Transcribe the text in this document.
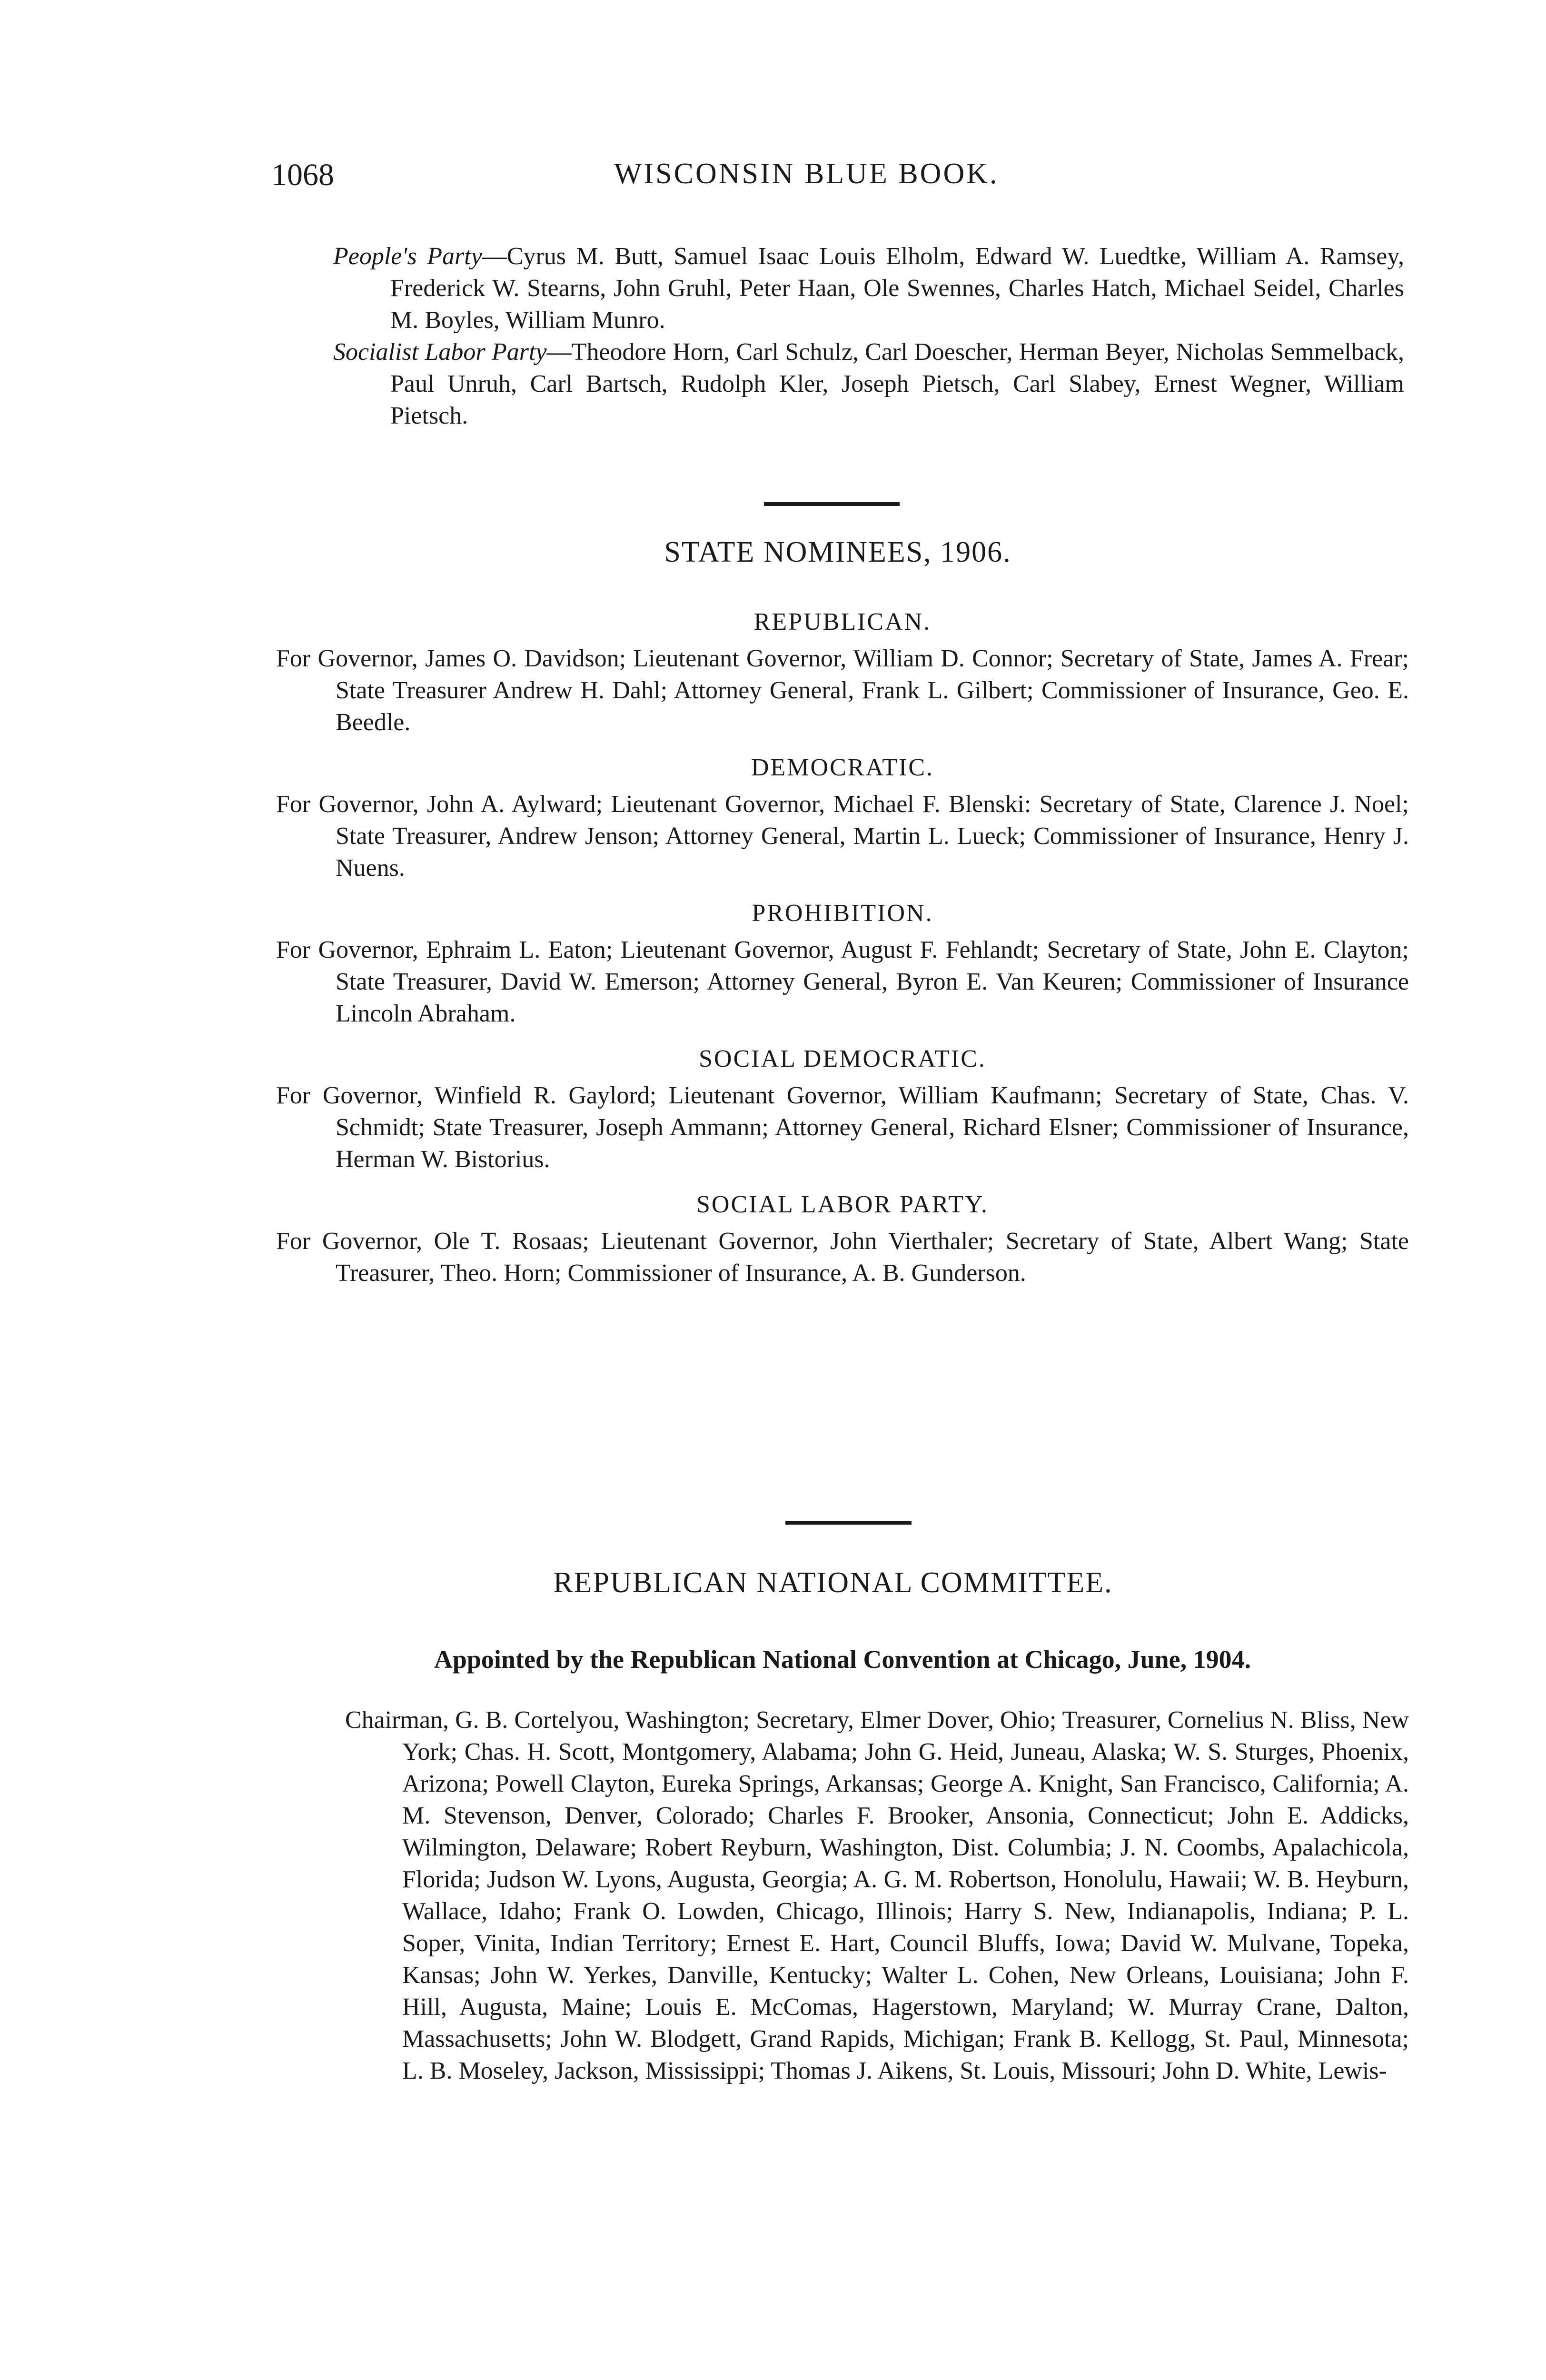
1068	WISCONSIN BLUE BOOK.

People's Party—Cyrus M. Butt, Samuel Isaac Louis Elholm, Edward W. Luedtke, William A. Ramsey, Frederick W. Stearns, John Gruhl, Peter Haan, Ole Swennes, Charles Hatch, Michael Seidel, Charles M. Boyles, William Munro.

Socialist Labor Party—Theodore Horn, Carl Schulz, Carl Doescher, Herman Beyer, Nicholas Semmelback, Paul Unruh, Carl Bartsch, Rudolph Kler, Joseph Pietsch, Carl Slabey, Ernest Wegner, William Pietsch.

STATE NOMINEES, 1906.
REPUBLICAN.

For Governor, James O. Davidson; Lieutenant Governor, William D. Connor; Secretary of State, James A. Frear; State Treasurer Andrew H. Dahl; Attorney General, Frank L. Gilbert; Commissioner of Insurance, Geo. E. Beedle.

DEMOCRATIC.

For Governor, John A. Aylward; Lieutenant Governor, Michael F. Blenski: Secretary of State, Clarence J. Noel; State Treasurer, Andrew Jenson; Attorney General, Martin L. Lueck; Commissioner of Insurance, Henry J. Nuens.

PROHIBITION.

For Governor, Ephraim L. Eaton; Lieutenant Governor, August F. Fehlandt; Secretary of State, John E. Clayton; State Treasurer, David W. Emerson; Attorney General, Byron E. Van Keuren; Commissioner of Insurance Lincoln Abraham.

SOCIAL DEMOCRATIC.

For Governor, Winfield R. Gaylord; Lieutenant Governor, William Kaufmann; Secretary of State, Chas. V. Schmidt; State Treasurer, Joseph Ammann; Attorney General, Richard Elsner; Commissioner of Insurance, Herman W. Bistorius.

SOCIAL LABOR PARTY.

For Governor, Ole T. Rosaas; Lieutenant Governor, John Vierthaler; Secretary of State, Albert Wang; State Treasurer, Theo. Horn; Commissioner of Insurance, A. B. Gunderson.

REPUBLICAN NATIONAL COMMITTEE.
Appointed by the Republican National Convention at Chicago, June, 1904.

Chairman, G. B. Cortelyou, Washington; Secretary, Elmer Dover, Ohio; Treasurer, Cornelius N. Bliss, New York; Chas. H. Scott, Montgomery, Alabama; John G. Heid, Juneau, Alaska; W. S. Sturges, Phoenix, Arizona; Powell Clayton, Eureka Springs, Arkansas; George A. Knight, San Francisco, California; A. M. Stevenson, Denver, Colorado; Charles F. Brooker, Ansonia, Connecticut; John E. Addicks, Wilmington, Delaware; Robert Reyburn, Washington, Dist. Columbia; J. N. Coombs, Apalachicola, Florida; Judson W. Lyons, Augusta, Georgia; A. G. M. Robertson, Honolulu, Hawaii; W. B. Heyburn, Wallace, Idaho; Frank O. Lowden, Chicago, Illinois; Harry S. New, Indianapolis, Indiana; P. L. Soper, Vinita, Indian Territory; Ernest E. Hart, Council Bluffs, Iowa; David W. Mulvane, Topeka, Kansas; John W. Yerkes, Danville, Kentucky; Walter L. Cohen, New Orleans, Louisiana; John F. Hill, Augusta, Maine; Louis E. McComas, Hagerstown, Maryland; W. Murray Crane, Dalton, Massachusetts; John W. Blodgett, Grand Rapids, Michigan; Frank B. Kellogg, St. Paul, Minnesota; L. B. Moseley, Jackson, Mississippi; Thomas J. Aikens, St. Louis, Missouri; John D. White, Lewis-
